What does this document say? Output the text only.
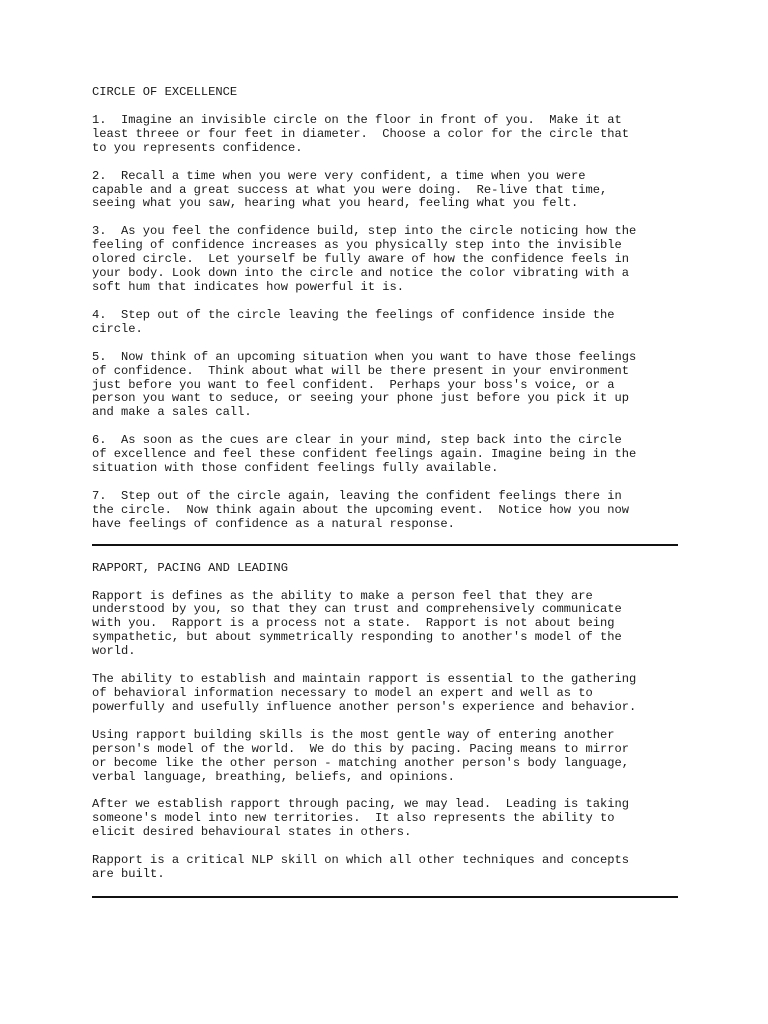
CIRCLE OF EXCELLENCE
1.  Imagine an invisible circle on the floor in front of you.  Make it at
least threee or four feet in diameter.  Choose a color for the circle that
to you represents confidence.
2.  Recall a time when you were very confident, a time when you were
capable and a great success at what you were doing.  Re-live that time,
seeing what you saw, hearing what you heard, feeling what you felt.
3.  As you feel the confidence build, step into the circle noticing how the
feeling of confidence increases as you physically step into the invisible
olored circle.  Let yourself be fully aware of how the confidence feels in
your body. Look down into the circle and notice the color vibrating with a
soft hum that indicates how powerful it is.
4.  Step out of the circle leaving the feelings of confidence inside the
circle.
5.  Now think of an upcoming situation when you want to have those feelings
of confidence.  Think about what will be there present in your environment
just before you want to feel confident.  Perhaps your boss's voice, or a
person you want to seduce, or seeing your phone just before you pick it up
and make a sales call.
6.  As soon as the cues are clear in your mind, step back into the circle
of excellence and feel these confident feelings again. Imagine being in the
situation with those confident feelings fully available.
7.  Step out of the circle again, leaving the confident feelings there in
the circle.  Now think again about the upcoming event.  Notice how you now
have feelings of confidence as a natural response.
RAPPORT, PACING AND LEADING
Rapport is defines as the ability to make a person feel that they are
understood by you, so that they can trust and comprehensively communicate
with you.  Rapport is a process not a state.  Rapport is not about being
sympathetic, but about symmetrically responding to another's model of the
world.
The ability to establish and maintain rapport is essential to the gathering
of behavioral information necessary to model an expert and well as to
powerfully and usefully influence another person's experience and behavior.
Using rapport building skills is the most gentle way of entering another
person's model of the world.  We do this by pacing. Pacing means to mirror
or become like the other person - matching another person's body language,
verbal language, breathing, beliefs, and opinions.
After we establish rapport through pacing, we may lead.  Leading is taking
someone's model into new territories.  It also represents the ability to
elicit desired behavioural states in others.
Rapport is a critical NLP skill on which all other techniques and concepts
are built.
